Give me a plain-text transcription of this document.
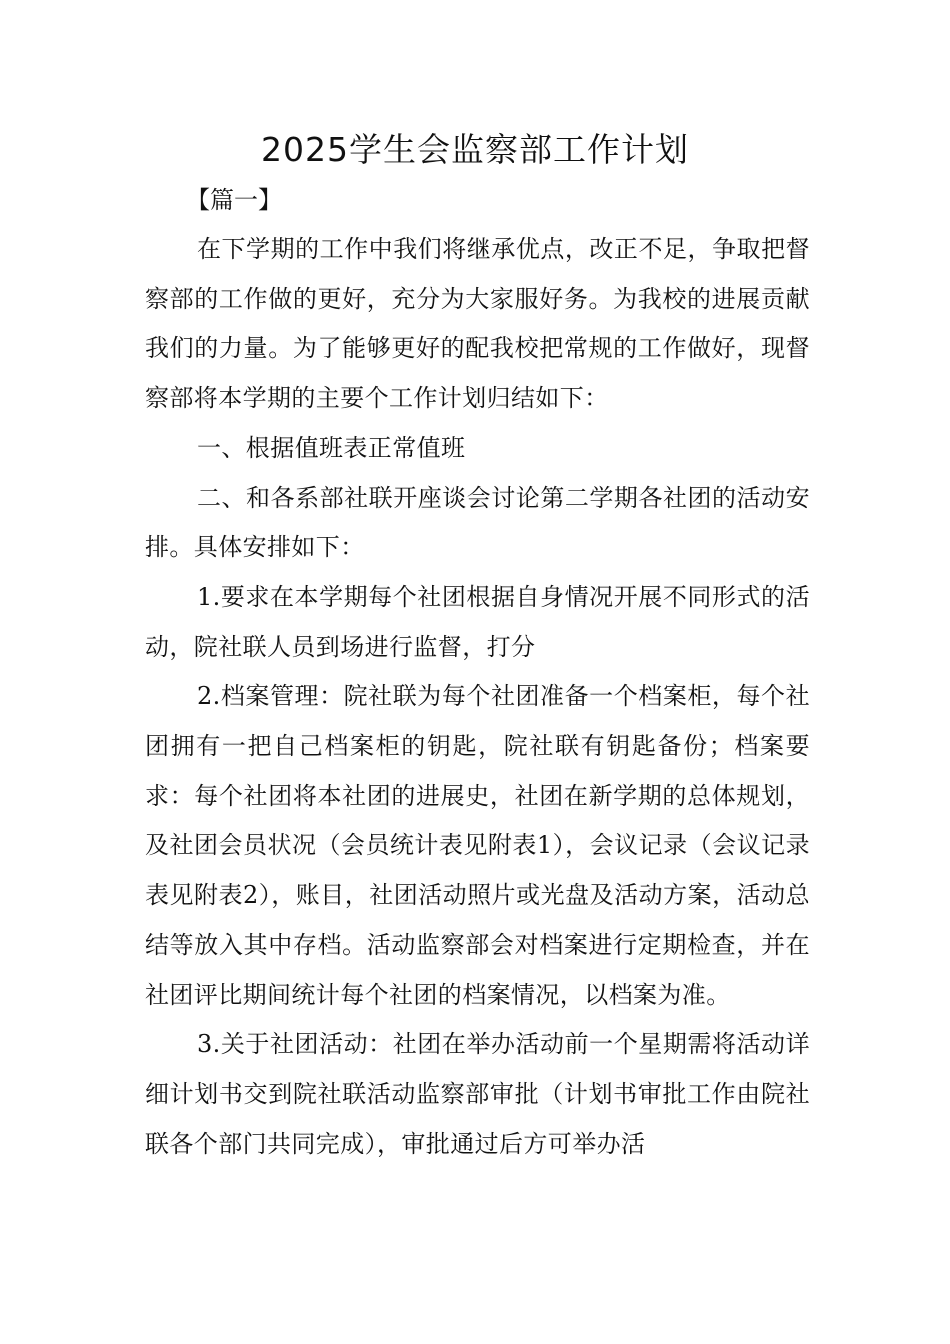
2025学生会监察部工作计划
【篇一】

在下学期的工作中我们将继承优点，改正不足，争取把督察部的工作做的更好，充分为大家服好务。为我校的进展贡献我们的力量。为了能够更好的配我校把常规的工作做好，现督察部将本学期的主要个工作计划归结如下：

一、根据值班表正常值班

二、和各系部社联开座谈会讨论第二学期各社团的活动安排。具体安排如下：

1.要求在本学期每个社团根据自身情况开展不同形式的活动，院社联人员到场进行监督，打分

2.档案管理：院社联为每个社团准备一个档案柜，每个社团拥有一把自己档案柜的钥匙，院社联有钥匙备份；档案要求：每个社团将本社团的进展史，社团在新学期的总体规划，及社团会员状况（会员统计表见附表1），会议记录（会议记录表见附表2），账目，社团活动照片或光盘及活动方案，活动总结等放入其中存档。活动监察部会对档案进行定期检查，并在社团评比期间统计每个社团的档案情况，以档案为准。

3.关于社团活动：社团在举办活动前一个星期需将活动详细计划书交到院社联活动监察部审批（计划书审批工作由院社联各个部门共同完成），审批通过后方可举办活
